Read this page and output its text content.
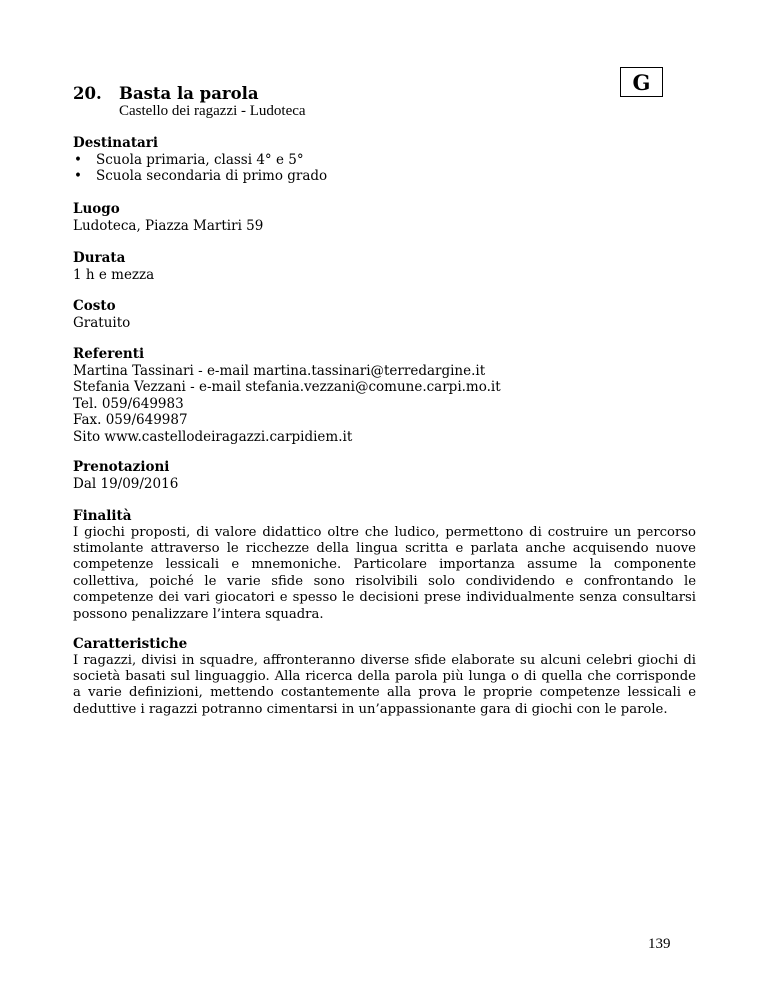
G
20. Basta la parola
Castello dei ragazzi - Ludoteca
Destinatari
• Scuola primaria, classi 4° e 5°
• Scuola secondaria di primo grado
Luogo

Ludoteca, Piazza Martiri 59

Durata

1 h e mezza

Costo

Gratuito

Referenti
Martina Tassinari - e-mail martina.tassinari@terredargine.it
Stefania Vezzani - e-mail stefania.vezzani@comune.carpi.mo.it
Tel. 059/649983
Fax. 059/649987
Sito www.castellodeiragazzi.carpidiem.it
Prenotazioni

Dal 19/09/2016

Finalità

I giochi proposti, di valore didattico oltre che ludico, permettono di costruire un percorso stimolante attraverso le ricchezze della lingua scritta e parlata anche acquisendo nuove competenze lessicali e mnemoniche. Particolare importanza assume la componente collettiva, poiché le varie sfide sono risolvibili solo condividendo e confrontando le competenze dei vari giocatori e spesso le decisioni prese individualmente senza consultarsi possono penalizzare l’intera squadra.

Caratteristiche

I ragazzi, divisi in squadre, affronteranno diverse sfide elaborate su alcuni celebri giochi di società basati sul linguaggio. Alla ricerca della parola più lunga o di quella che corrisponde a varie definizioni, mettendo costantemente alla prova le proprie competenze lessicali e deduttive i ragazzi potranno cimentarsi in un’appassionante gara di giochi con le parole.

139
